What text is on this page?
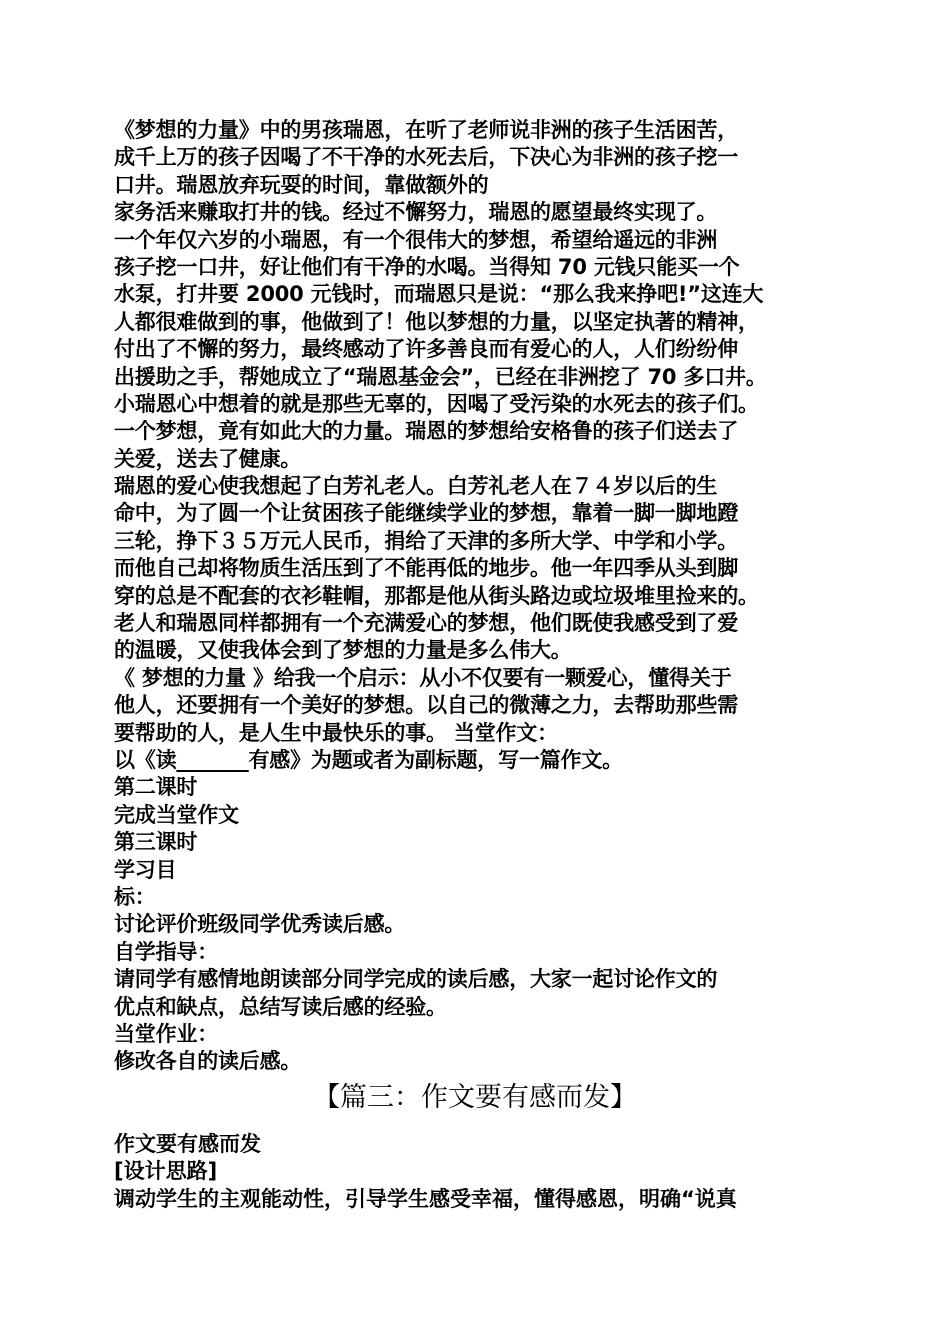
《梦想的力量》中的男孩瑞恩，在听了老师说非洲的孩子生活困苦，
成千上万的孩子因喝了不干净的水死去后，下决心为非洲的孩子挖一
口井。瑞恩放弃玩耍的时间，靠做额外的
家务活来赚取打井的钱。经过不懈努力，瑞恩的愿望最终实现了。
一个年仅六岁的小瑞恩，有一个很伟大的梦想，希望给遥远的非洲
孩子挖一口井，好让他们有干净的水喝。当得知 70 元钱只能买一个
水泵，打井要 2000 元钱时，而瑞恩只是说：“那么我来挣吧!”这连大
人都很难做到的事，他做到了！他以梦想的力量，以坚定执著的精神，
付出了不懈的努力，最终感动了许多善良而有爱心的人，人们纷纷伸
出援助之手，帮她成立了“瑞恩基金会”，已经在非洲挖了 70 多口井。
小瑞恩心中想着的就是那些无辜的，因喝了受污染的水死去的孩子们。
一个梦想，竟有如此大的力量。瑞恩的梦想给安格鲁的孩子们送去了
关爱，送去了健康。
瑞恩的爱心使我想起了白芳礼老人。白芳礼老人在７４岁以后的生
命中，为了圆一个让贫困孩子能继续学业的梦想，靠着一脚一脚地蹬
三轮，挣下３５万元人民币，捐给了天津的多所大学、中学和小学。
而他自己却将物质生活压到了不能再低的地步。他一年四季从头到脚
穿的总是不配套的衣衫鞋帽，那都是他从街头路边或垃圾堆里捡来的。
老人和瑞恩同样都拥有一个充满爱心的梦想，他们既使我感受到了爱
的温暖，又使我体会到了梦想的力量是多么伟大。
《 梦想的力量 》给我一个启示：从小不仅要有一颗爱心，懂得关于
他人，还要拥有一个美好的梦想。以自己的微薄之力，去帮助那些需
要帮助的人，是人生中最快乐的事。 当堂作文：
以《读_______有感》为题或者为副标题，写一篇作文。
第二课时
完成当堂作文
第三课时
学习目
标：
讨论评价班级同学优秀读后感。
自学指导：
请同学有感情地朗读部分同学完成的读后感，大家一起讨论作文的
优点和缺点，总结写读后感的经验。
当堂作业：
修改各自的读后感。
【篇三：作文要有感而发】
作文要有感而发
[设计思路]
调动学生的主观能动性，引导学生感受幸福，懂得感恩，明确“说真
